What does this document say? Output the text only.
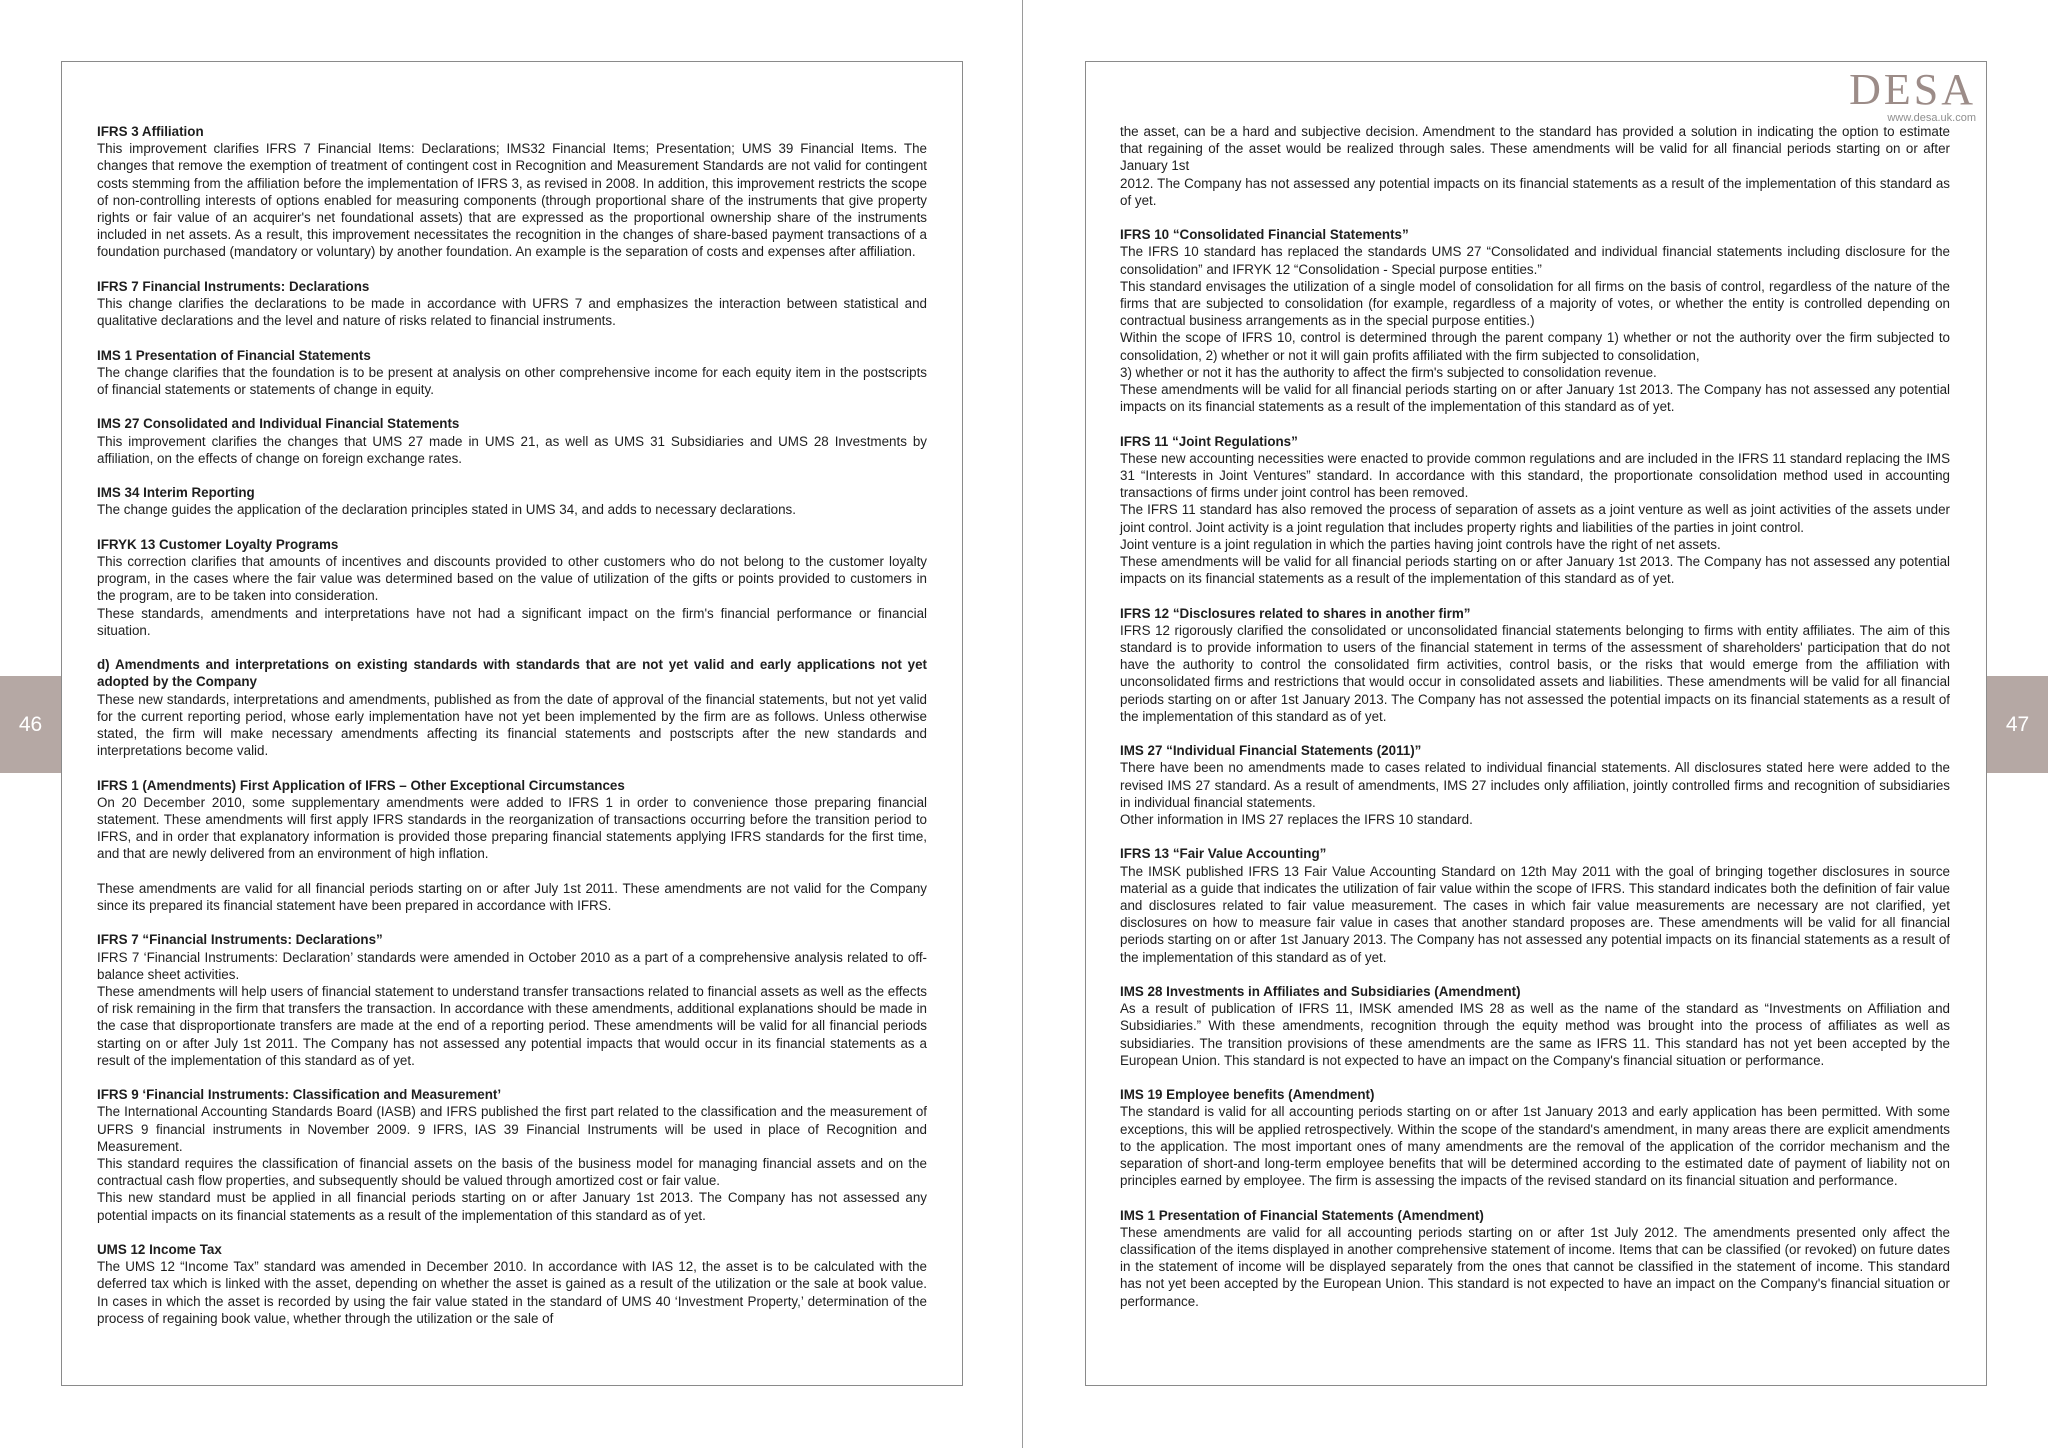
IFRS 3 Affiliation
This improvement clarifies IFRS 7 Financial Items: Declarations; IMS32 Financial Items; Presentation; UMS 39 Financial Items. The changes that remove the exemption of treatment of contingent cost in Recognition and Measurement Standards are not valid for contingent costs stemming from the affiliation before the implementation of IFRS 3, as revised in 2008. In addition, this improvement restricts the scope of non-controlling interests of options enabled for measuring components (through proportional share of the instruments that give property rights or fair value of an acquirer's net foundational assets) that are expressed as the proportional ownership share of the instruments included in net assets. As a result, this improvement necessitates the recognition in the changes of share-based payment transactions of a foundation purchased (mandatory or voluntary) by another foundation. An example is the separation of costs and expenses after affiliation.
IFRS 7 Financial Instruments: Declarations
This change clarifies the declarations to be made in accordance with UFRS 7 and emphasizes the interaction between statistical and qualitative declarations and the level and nature of risks related to financial instruments.
IMS 1 Presentation of Financial Statements
The change clarifies that the foundation is to be present at analysis on other comprehensive income for each equity item in the postscripts of financial statements or statements of change in equity.
IMS 27 Consolidated and Individual Financial Statements
This improvement clarifies the changes that UMS 27 made in UMS 21, as well as UMS 31 Subsidiaries and UMS 28 Investments by affiliation, on the effects of change on foreign exchange rates.
IMS 34 Interim Reporting
The change guides the application of the declaration principles stated in UMS 34, and adds to necessary declarations.
IFRYK 13 Customer Loyalty Programs
This correction clarifies that amounts of incentives and discounts provided to other customers who do not belong to the customer loyalty program, in the cases where the fair value was determined based on the value of utilization of the gifts or points provided to customers in the program, are to be taken into consideration.
These standards, amendments and interpretations have not had a significant impact on the firm's financial performance or financial situation.
d) Amendments and interpretations on existing standards with standards that are not yet valid and early applications not yet adopted by the Company
These new standards, interpretations and amendments, published as from the date of approval of the financial statements, but not yet valid for the current reporting period, whose early implementation have not yet been implemented by the firm are as follows. Unless otherwise stated, the firm will make necessary amendments affecting its financial statements and postscripts after the new standards and interpretations become valid.
IFRS 1 (Amendments) First Application of IFRS – Other Exceptional Circumstances
On 20 December 2010, some supplementary amendments were added to IFRS 1 in order to convenience those preparing financial statement. These amendments will first apply IFRS standards in the reorganization of transactions occurring before the transition period to IFRS, and in order that explanatory information is provided those preparing financial statements applying IFRS standards for the first time, and that are newly delivered from an environment of high inflation.
These amendments are valid for all financial periods starting on or after July 1st 2011. These amendments are not valid for the Company since its prepared its financial statement have been prepared in accordance with IFRS.
IFRS 7 “Financial Instruments: Declarations”
IFRS 7 ‘Financial Instruments: Declaration’ standards were amended in October 2010 as a part of a comprehensive analysis related to off-balance sheet activities.
These amendments will help users of financial statement to understand transfer transactions related to financial assets as well as the effects of risk remaining in the firm that transfers the transaction. In accordance with these amendments, additional explanations should be made in the case that disproportionate transfers are made at the end of a reporting period. These amendments will be valid for all financial periods starting on or after July 1st 2011. The Company has not assessed any potential impacts that would occur in its financial statements as a result of the implementation of this standard as of yet.
IFRS 9 ‘Financial Instruments: Classification and Measurement’
The International Accounting Standards Board (IASB) and IFRS published the first part related to the classification and the measurement of UFRS 9 financial instruments in November 2009. 9 IFRS, IAS 39 Financial Instruments will be used in place of Recognition and Measurement.
This standard requires the classification of financial assets on the basis of the business model for managing financial assets and on the contractual cash flow properties, and subsequently should be valued through amortized cost or fair value.
This new standard must be applied in all financial periods starting on or after January 1st 2013. The Company has not assessed any potential impacts on its financial statements as a result of the implementation of this standard as of yet.
UMS 12 Income Tax
The UMS 12 “Income Tax” standard was amended in December 2010. In accordance with IAS 12, the asset is to be calculated with the deferred tax which is linked with the asset, depending on whether the asset is gained as a result of the utilization or the sale at book value. In cases in which the asset is recorded by using the fair value stated in the standard of UMS 40 ‘Investment Property,’ determination of the process of regaining book value, whether through the utilization or the sale of
DESA
www.desa.uk.com
the asset, can be a hard and subjective decision. Amendment to the standard has provided a solution in indicating the option to estimate that regaining of the asset would be realized through sales. These amendments will be valid for all financial periods starting on or after January 1st
2012. The Company has not assessed any potential impacts on its financial statements as a result of the implementation of this standard as of yet.
IFRS 10 “Consolidated Financial Statements”
The IFRS 10 standard has replaced the standards UMS 27 “Consolidated and individual financial statements including disclosure for the consolidation” and IFRYK 12 “Consolidation - Special purpose entities.”
This standard envisages the utilization of a single model of consolidation for all firms on the basis of control, regardless of the nature of the firms that are subjected to consolidation (for example, regardless of a majority of votes, or whether the entity is controlled depending on contractual business arrangements as in the special purpose entities.)
Within the scope of IFRS 10, control is determined through the parent company 1) whether or not the authority over the firm subjected to consolidation, 2) whether or not it will gain profits affiliated with the firm subjected to consolidation,
3) whether or not it has the authority to affect the firm's subjected to consolidation revenue.
These amendments will be valid for all financial periods starting on or after January 1st 2013. The Company has not assessed any potential impacts on its financial statements as a result of the implementation of this standard as of yet.
IFRS 11 “Joint Regulations”
These new accounting necessities were enacted to provide common regulations and are included in the IFRS 11 standard replacing the IMS 31 “Interests in Joint Ventures” standard. In accordance with this standard, the proportionate consolidation method used in accounting transactions of firms under joint control has been removed.
The IFRS 11 standard has also removed the process of separation of assets as a joint venture as well as joint activities of the assets under joint control. Joint activity is a joint regulation that includes property rights and liabilities of the parties in joint control.
Joint venture is a joint regulation in which the parties having joint controls have the right of net assets.
These amendments will be valid for all financial periods starting on or after January 1st 2013. The Company has not assessed any potential impacts on its financial statements as a result of the implementation of this standard as of yet.
IFRS 12 “Disclosures related to shares in another firm”
IFRS 12 rigorously clarified the consolidated or unconsolidated financial statements belonging to firms with entity affiliates. The aim of this standard is to provide information to users of the financial statement in terms of the assessment of shareholders' participation that do not have the authority to control the consolidated firm activities, control basis, or the risks that would emerge from the affiliation with unconsolidated firms and restrictions that would occur in consolidated assets and liabilities. These amendments will be valid for all financial periods starting on or after 1st January 2013. The Company has not assessed the potential impacts on its financial statements as a result of the implementation of this standard as of yet.
IMS 27 “Individual Financial Statements (2011)”
There have been no amendments made to cases related to individual financial statements. All disclosures stated here were added to the revised IMS 27 standard. As a result of amendments, IMS 27 includes only affiliation, jointly controlled firms and recognition of subsidiaries in individual financial statements.
Other information in IMS 27 replaces the IFRS 10 standard.
IFRS 13 “Fair Value Accounting”
The IMSK published IFRS 13 Fair Value Accounting Standard on 12th May 2011 with the goal of bringing together disclosures in source material as a guide that indicates the utilization of fair value within the scope of IFRS. This standard indicates both the definition of fair value and disclosures related to fair value measurement. The cases in which fair value measurements are necessary are not clarified, yet disclosures on how to measure fair value in cases that another standard proposes are. These amendments will be valid for all financial periods starting on or after 1st January 2013. The Company has not assessed any potential impacts on its financial statements as a result of the implementation of this standard as of yet.
IMS 28 Investments in Affiliates and Subsidiaries (Amendment)
As a result of publication of IFRS 11, IMSK amended IMS 28 as well as the name of the standard as “Investments on Affiliation and Subsidiaries.” With these amendments, recognition through the equity method was brought into the process of affiliates as well as subsidiaries. The transition provisions of these amendments are the same as IFRS 11. This standard has not yet been accepted by the European Union. This standard is not expected to have an impact on the Company's financial situation or performance.
IMS 19 Employee benefits (Amendment)
The standard is valid for all accounting periods starting on or after 1st January 2013 and early application has been permitted. With some exceptions, this will be applied retrospectively. Within the scope of the standard's amendment, in many areas there are explicit amendments to the application. The most important ones of many amendments are the removal of the application of the corridor mechanism and the separation of short-and long-term employee benefits that will be determined according to the estimated date of payment of liability not on principles earned by employee. The firm is assessing the impacts of the revised standard on its financial situation and performance.
IMS 1 Presentation of Financial Statements (Amendment)
These amendments are valid for all accounting periods starting on or after 1st July 2012. The amendments presented only affect the classification of the items displayed in another comprehensive statement of income. Items that can be classified (or revoked) on future dates in the statement of income will be displayed separately from the ones that cannot be classified in the statement of income. This standard has not yet been accepted by the European Union. This standard is not expected to have an impact on the Company's financial situation or performance.
46	47
